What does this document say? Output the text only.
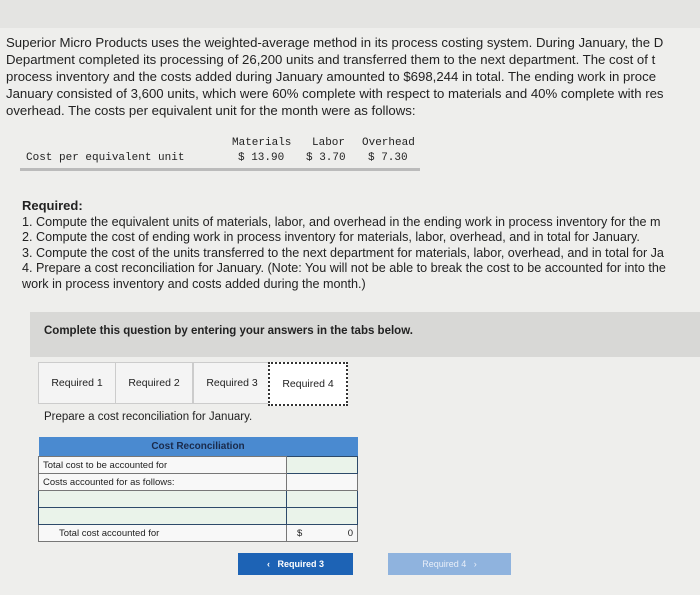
Superior Micro Products uses the weighted-average method in its process costing system. During January, the D
Department completed its processing of 26,200 units and transferred them to the next department. The cost of t
process inventory and the costs added during January amounted to $698,244 in total. The ending work in proce
January consisted of 3,600 units, which were 60% complete with respect to materials and 40% complete with res
overhead. The costs per equivalent unit for the month were as follows:
Materials Labor Overhead
Cost per equivalent unit	$ 13.90 $ 3.70 $ 7.30
Required:
1. Compute the equivalent units of materials, labor, and overhead in the ending work in process inventory for the m
2. Compute the cost of ending work in process inventory for materials, labor, overhead, and in total for January.
3. Compute the cost of the units transferred to the next department for materials, labor, overhead, and in total for Ja
4. Prepare a cost reconciliation for January. (Note: You will not be able to break the cost to be accounted for into the
work in process inventory and costs added during the month.)
Complete this question by entering your answers in the tabs below.
Required 1	Required 2	Required 3	Required 4
Prepare a cost reconciliation for January.
Cost Reconciliation	
Total cost to be accounted for	
Costs accounted for as follows:	

Total cost accounted for	$ 0
‹   Required 3	Required 4   ›
